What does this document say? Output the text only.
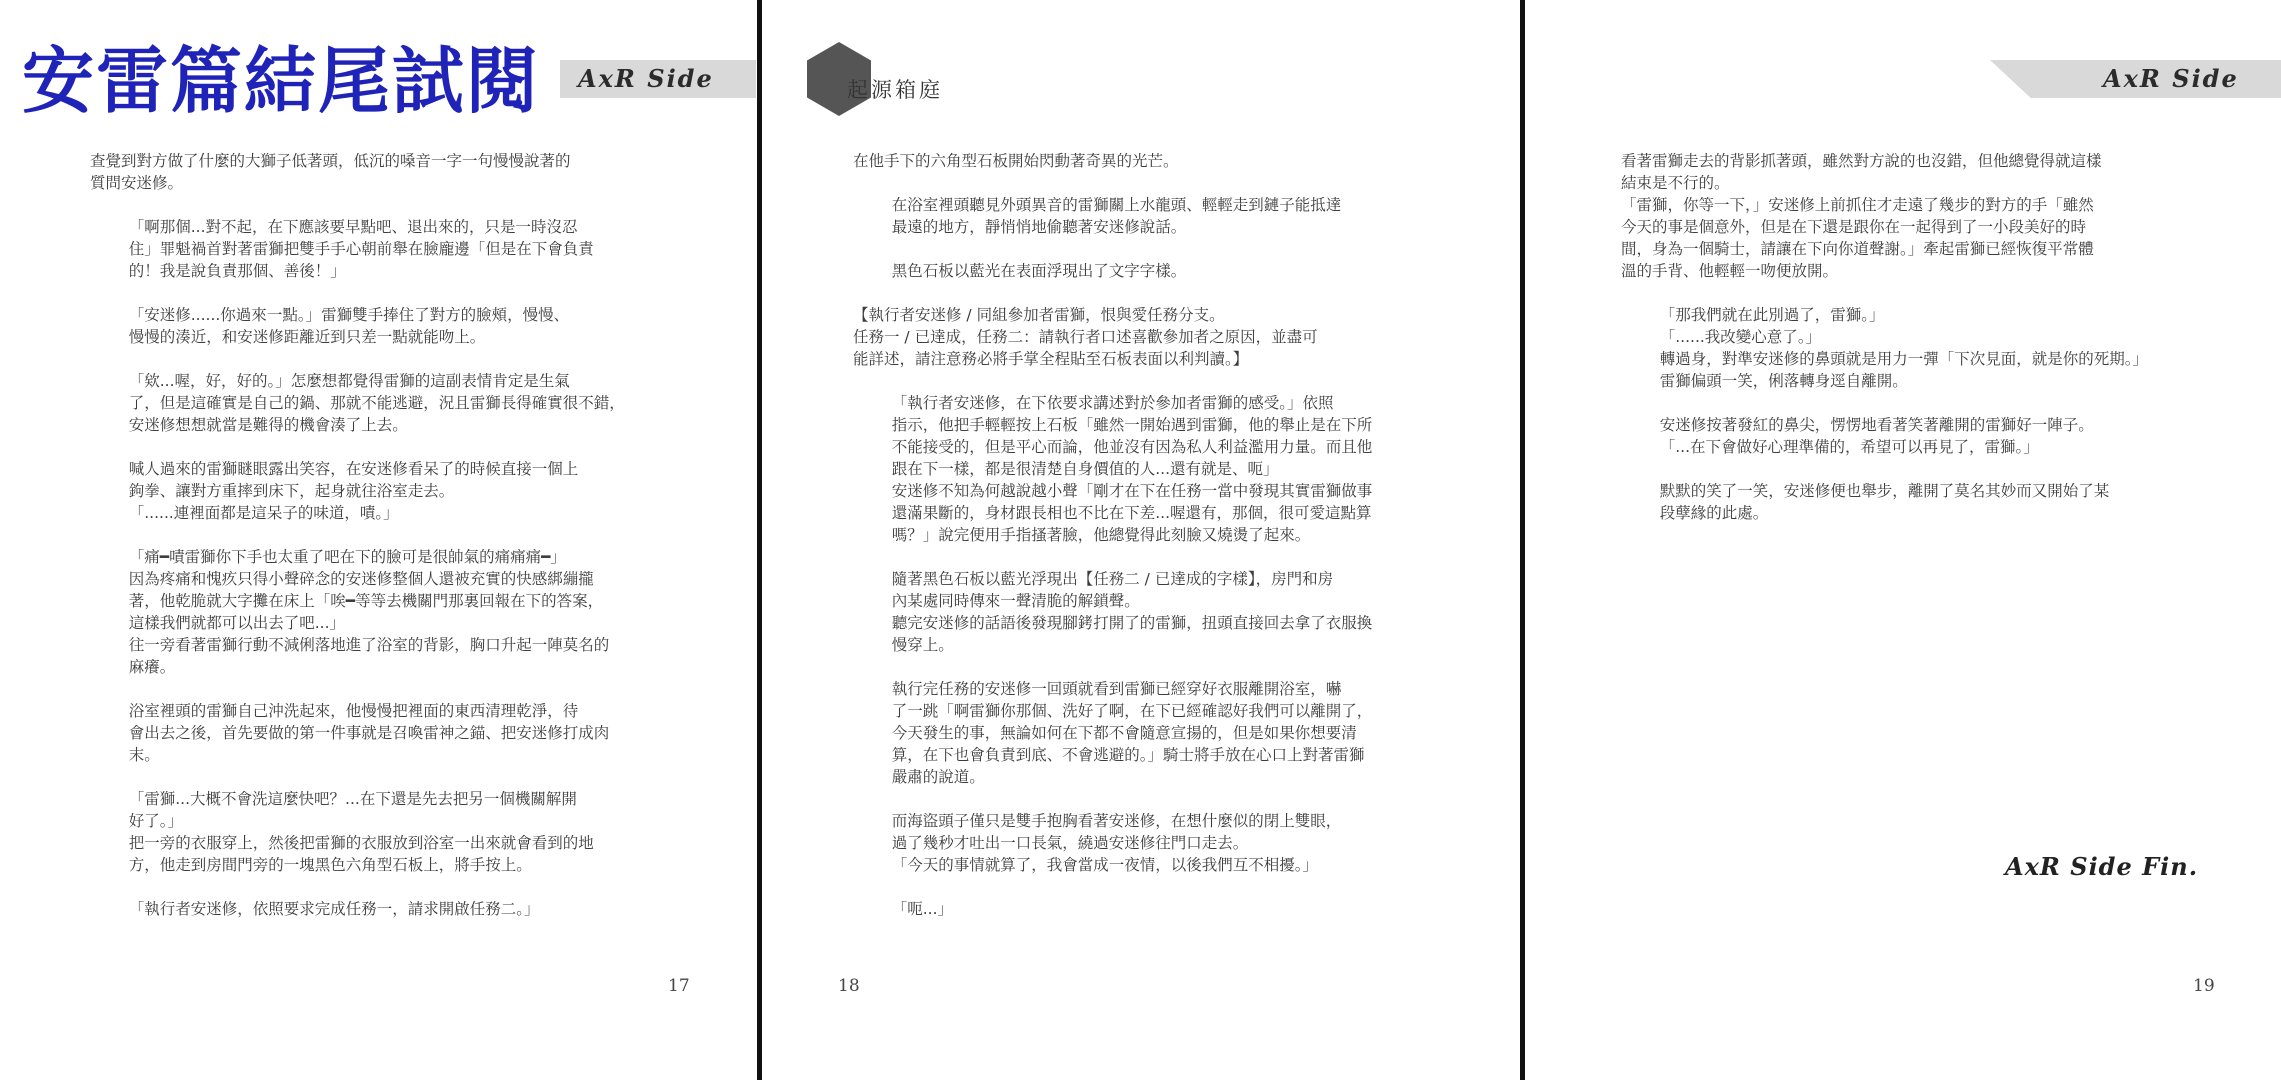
安雷篇結尾試閱 AxR Side

查覺到對方做了什麼的大獅子低著頭，低沉的嗓音一字一句慢慢說著的
質問安迷修。

「啊那個...對不起，在下應該要早點吧、退出來的，只是一時沒忍
住」罪魁禍首對著雷獅把雙手手心朝前舉在臉龐邊「但是在下會負責
的！我是說負責那個、善後！」

「安迷修......你過來一點。」雷獅雙手捧住了對方的臉頰，慢慢、
慢慢的湊近，和安迷修距離近到只差一點就能吻上。

「欸...喔，好，好的。」怎麼想都覺得雷獅的這副表情肯定是生氣
了，但是這確實是自己的鍋、那就不能逃避，況且雷獅長得確實很不錯，
安迷修想想就當是難得的機會湊了上去。

喊人過來的雷獅瞇眼露出笑容，在安迷修看呆了的時候直接一個上
鉤拳、讓對方重摔到床下，起身就往浴室走去。
「......連裡面都是這呆子的味道，嘖。」

「痛━嘖雷獅你下手也太重了吧在下的臉可是很帥氣的痛痛痛━」
因為疼痛和愧疚只得小聲碎念的安迷修整個人還被充實的快感綁繃攏
著，他乾脆就大字攤在床上「唉━等等去機關門那裏回報在下的答案，
這樣我們就都可以出去了吧...」
往一旁看著雷獅行動不減俐落地進了浴室的背影，胸口升起一陣莫名的
麻癢。

浴室裡頭的雷獅自己沖洗起來，他慢慢把裡面的東西清理乾淨，待
會出去之後，首先要做的第一件事就是召喚雷神之錨、把安迷修打成肉
末。

「雷獅...大概不會洗這麼快吧？...在下還是先去把另一個機關解開
好了。」
把一旁的衣服穿上，然後把雷獅的衣服放到浴室一出來就會看到的地
方，他走到房間門旁的一塊黑色六角型石板上，將手按上。

「執行者安迷修，依照要求完成任務一，請求開啟任務二。」

17
起源箱庭

在他手下的六角型石板開始閃動著奇異的光芒。

在浴室裡頭聽見外頭異音的雷獅關上水龍頭、輕輕走到鏈子能抵達
最遠的地方，靜悄悄地偷聽著安迷修說話。

黑色石板以藍光在表面浮現出了文字字樣。

【執行者安迷修 / 同組參加者雷獅，恨與愛任務分支。
任務一 / 已達成，任務二：請執行者口述喜歡參加者之原因，並盡可
能詳述，請注意務必將手掌全程貼至石板表面以利判讀。】

「執行者安迷修，在下依要求講述對於參加者雷獅的感受。」依照
指示，他把手輕輕按上石板「雖然一開始遇到雷獅，他的舉止是在下所
不能接受的，但是平心而論，他並沒有因為私人利益濫用力量。而且他
跟在下一樣，都是很清楚自身價值的人...還有就是、呃」
安迷修不知為何越說越小聲「剛才在下在任務一當中發現其實雷獅做事
還滿果斷的，身材跟長相也不比在下差...喔還有，那個，很可愛這點算
嗎？」說完便用手指搔著臉，他總覺得此刻臉又燒燙了起來。

隨著黑色石板以藍光浮現出【任務二 / 已達成的字樣】，房門和房
內某處同時傳來一聲清脆的解鎖聲。
聽完安迷修的話語後發現腳銬打開了的雷獅，扭頭直接回去拿了衣服換
慢穿上。

執行完任務的安迷修一回頭就看到雷獅已經穿好衣服離開浴室，嚇
了一跳「啊雷獅你那個、洗好了啊，在下已經確認好我們可以離開了，
今天發生的事，無論如何在下都不會隨意宣揚的，但是如果你想要清
算，在下也會負責到底、不會逃避的。」騎士將手放在心口上對著雷獅
嚴肅的說道。

而海盜頭子僅只是雙手抱胸看著安迷修，在想什麼似的閉上雙眼，
過了幾秒才吐出一口長氣，繞過安迷修往門口走去。
「今天的事情就算了，我會當成一夜情，以後我們互不相擾。」

「呃...」

18
AxR Side

看著雷獅走去的背影抓著頭，雖然對方說的也沒錯，但他總覺得就這樣
結束是不行的。
「雷獅，你等一下，」安迷修上前抓住才走遠了幾步的對方的手「雖然
今天的事是個意外，但是在下還是跟你在一起得到了一小段美好的時
間，身為一個騎士，請讓在下向你道聲謝。」牽起雷獅已經恢復平常體
溫的手背、他輕輕一吻便放開。

「那我們就在此別過了，雷獅。」
「......我改變心意了。」
轉過身，對準安迷修的鼻頭就是用力一彈「下次見面，就是你的死期。」
雷獅偏頭一笑，俐落轉身逕自離開。

安迷修按著發紅的鼻尖，愣愣地看著笑著離開的雷獅好一陣子。
「...在下會做好心理準備的，希望可以再見了，雷獅。」

默默的笑了一笑，安迷修便也舉步，離開了莫名其妙而又開始了某
段孽緣的此處。

AxR Side Fin.
19
